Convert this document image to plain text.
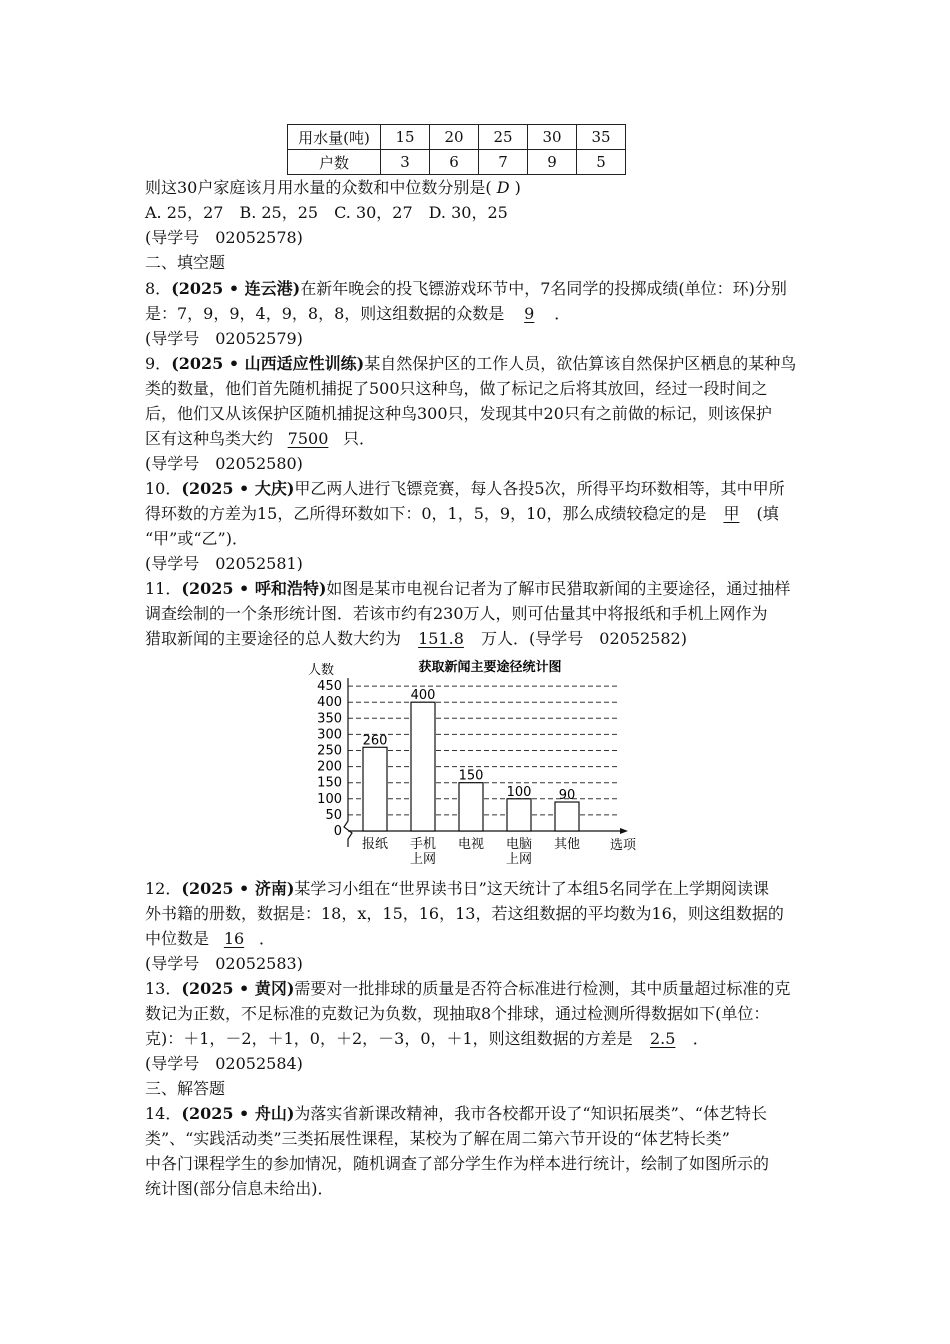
用水量(吨)	15	20	25	30	35
户数	3	6	7	9	5
则这30户家庭该月用水量的众数和中位数分别是( D )
A. 25，27　B. 25，25　C. 30，27　D. 30，25
(导学号　02052578)
二、填空题
8．(2025 • 连云港)在新年晚会的投飞镖游戏环节中，7名同学的投掷成绩(单位：环)分别
是：7，9，9，4，9，8，8，则这组数据的众数是 9 ．
(导学号　02052579)
9．(2025 • 山西适应性训练)某自然保护区的工作人员，欲估算该自然保护区栖息的某种鸟
类的数量，他们首先随机捕捉了500只这种鸟，做了标记之后将其放回，经过一段时间之
后，他们又从该保护区随机捕捉这种鸟300只，发现其中20只有之前做的标记，则该保护
区有这种鸟类大约 7500 只．
(导学号　02052580)
10．(2025 • 大庆)甲乙两人进行飞镖竞赛，每人各投5次，所得平均环数相等，其中甲所
得环数的方差为15，乙所得环数如下：0，1，5，9，10，那么成绩较稳定的是 甲 (填
“甲”或“乙”)．
(导学号　02052581)
11．(2025 • 呼和浩特)如图是某市电视台记者为了解市民猎取新闻的主要途径，通过抽样
调查绘制的一个条形统计图．若该市约有230万人，则可估量其中将报纸和手机上网作为
猎取新闻的主要途径的总人数大约为 151.8 万人．(导学号　02052582)
获取新闻主要途径统计图
人数
0
50
100
150
200
250
300
350
400
450
选项
260
报纸
400
手机
上网
150
电视
100
电脑
上网
90
其他
12．(2025 • 济南)某学习小组在“世界读书日”这天统计了本组5名同学在上学期阅读课
外书籍的册数，数据是：18，x，15，16，13，若这组数据的平均数为16，则这组数据的
中位数是 16 ．
(导学号　02052583)
13．(2025 • 黄冈)需要对一批排球的质量是否符合标准进行检测，其中质量超过标准的克
数记为正数，不足标准的克数记为负数，现抽取8个排球，通过检测所得数据如下(单位：
克)：＋1，－2，＋1，0，＋2，－3，0，＋1，则这组数据的方差是 2.5 ．
(导学号　02052584)
三、解答题
14．(2025 • 舟山)为落实省新课改精神，我市各校都开设了“知识拓展类”、“体艺特长
类”、“实践活动类”三类拓展性课程，某校为了解在周二第六节开设的“体艺特长类”
中各门课程学生的参加情况，随机调查了部分学生作为样本进行统计，绘制了如图所示的
统计图(部分信息未给出)．
